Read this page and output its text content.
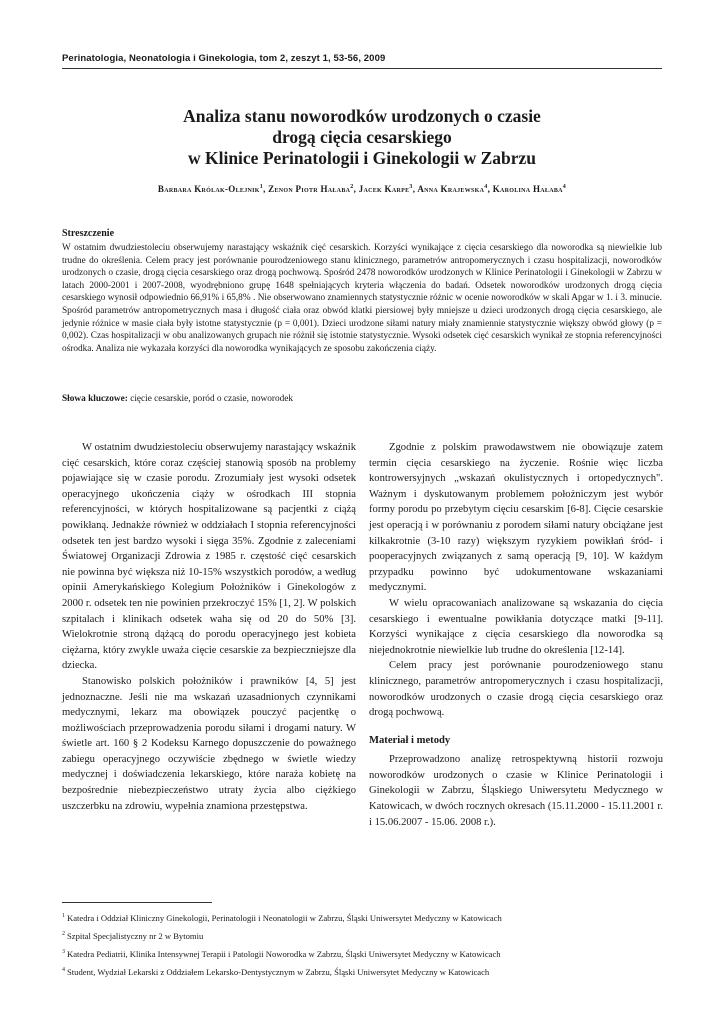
Perinatologia, Neonatologia i Ginekologia, tom 2, zeszyt 1, 53-56, 2009
Analiza stanu noworodków urodzonych o czasie
drogą cięcia cesarskiego
w Klinice Perinatologii i Ginekologii w Zabrzu
Barbara Królak-Olejnik$^1$, Zenon Piotr Hałaba$^2$, Jacek Karpe$^3$, Anna Krajewska$^4$, Karolina Hałaba$^4$
Streszczenie
W ostatnim dwudziestoleciu obserwujemy narastający wskaźnik cięć cesarskich. Korzyści wynikające z cięcia cesarskiego dla noworodka są niewielkie lub trudne do określenia. Celem pracy jest porównanie pourodzeniowego stanu klinicznego, parametrów antropomerycznych i czasu hospitalizacji, noworodków urodzonych o czasie, drogą cięcia cesarskiego oraz drogą pochwową. Spośród 2478 noworodków urodzonych w Klinice Perinatologii i Ginekologii w Zabrzu w latach 2000-2001 i 2007-2008, wyodrębniono grupę 1648 spełniających kryteria włączenia do badań. Odsetek noworodków urodzonych drogą cięcia cesarskiego wynosił odpowiednio 66,91% i 65,8% . Nie obserwowano znamiennych statystycznie różnic w ocenie noworodków w skali Apgar w 1. i 3. minucie. Spośród parametrów antropometrycznych masa i długość ciała oraz obwód klatki piersiowej były mniejsze u dzieci urodzonych drogą cięcia cesarskiego, ale jedynie różnice w masie ciała były istotne statystycznie (p = 0,001). Dzieci urodzone siłami natury miały znamiennie statystycznie większy obwód głowy (p = 0,002). Czas hospitalizacji w obu analizowanych grupach nie różnił się istotnie statystycznie. Wysoki odsetek cięć cesarskich wynikał ze stopnia referencyjności ośrodka. Analiza nie wykazała korzyści dla noworodka wynikających ze sposobu zakończenia ciąży.
Słowa kluczowe: cięcie cesarskie, poród o czasie, noworodek

W ostatnim dwudziestoleciu obserwujemy narastający wskaźnik cięć cesarskich, które coraz częściej stanowią sposób na problemy pojawiające się w czasie porodu. Zrozumiały jest wysoki odsetek operacyjnego ukończenia ciąży w ośrodkach III stopnia referencyjności, w których hospitalizowane są pacjentki z ciążą powikłaną. Jednakże również w oddziałach I stopnia referencyjności odsetek ten jest bardzo wysoki i sięga 35%. Zgodnie z zaleceniami Światowej Organizacji Zdrowia z 1985 r. częstość cięć cesarskich nie powinna być większa niż 10-15% wszystkich porodów, a według opinii Amerykańskiego Kolegium Położników i Ginekologów z 2000 r. odsetek ten nie powinien przekroczyć 15% [1, 2]. W polskich szpitalach i klinikach odsetek waha się od 20 do 50% [3]. Wielokrotnie stroną dążącą do porodu operacyjnego jest kobieta ciężarna, który zwykle uważa cięcie cesarskie za bezpieczniejsze dla dziecka.

Stanowisko polskich położników i prawników [4, 5] jest jednoznaczne. Jeśli nie ma wskazań uzasadnionych czynnikami medycznymi, lekarz ma obowiązek pouczyć pacjentkę o możliwościach przeprowadzenia porodu siłami i drogami natury. W świetle art. 160 § 2 Kodeksu Karnego dopuszczenie do poważnego zabiegu operacyjnego oczywiście zbędnego w świetle wiedzy medycznej i doświadczenia lekarskiego, które naraża kobietę na bezpośrednie niebezpieczeństwo utraty życia albo ciężkiego uszczerbku na zdrowiu, wypełnia znamiona przestępstwa.

Zgodnie z polskim prawodawstwem nie obowiązuje zatem termin cięcia cesarskiego na życzenie. Rośnie więc liczba kontrowersyjnych „wskazań okulistycznych i ortopedycznych". Ważnym i dyskutowanym problemem położniczym jest wybór formy porodu po przebytym cięciu cesarskim [6-8]. Cięcie cesarskie jest operacją i w porównaniu z porodem siłami natury obciążane jest kilkakrotnie (3-10 razy) większym ryzykiem powikłań śród- i pooperacyjnych związanych z samą operacją [9, 10]. W każdym przypadku powinno być udokumentowane wskazaniami medycznymi.

W wielu opracowaniach analizowane są wskazania do cięcia cesarskiego i ewentualne powikłania dotyczące matki [9-11]. Korzyści wynikające z cięcia cesarskiego dla noworodka są niejednokrotnie niewielkie lub trudne do określenia [12-14].

Celem pracy jest porównanie pourodzeniowego stanu klinicznego, parametrów antropomerycznych i czasu hospitalizacji, noworodków urodzonych o czasie drogą cięcia cesarskiego oraz drogą pochwową.

Materiał i metody

Przeprowadzono analizę retrospektywną historii rozwoju noworodków urodzonych o czasie w Klinice Perinatologii i Ginekologii w Zabrzu, Śląskiego Uniwersytetu Medycznego w Katowicach, w dwóch rocznych okresach (15.11.2000 - 15.11.2001 r. i 15.06.2007 - 15.06. 2008 r.).

$^1$ Katedra i Oddział Kliniczny Ginekologii, Perinatologii i Neonatologii w Zabrzu, Śląski Uniwersytet Medyczny w Katowicach
$^2$ Szpital Specjalistyczny nr 2 w Bytomiu
$^3$ Katedra Pediatrii, Klinika Intensywnej Terapii i Patologii Noworodka w Zabrzu, Śląski Uniwersytet Medyczny w Katowicach
$^4$ Student, Wydział Lekarski z Oddziałem Lekarsko-Dentystycznym w Zabrzu, Śląski Uniwersytet Medyczny w Katowicach
